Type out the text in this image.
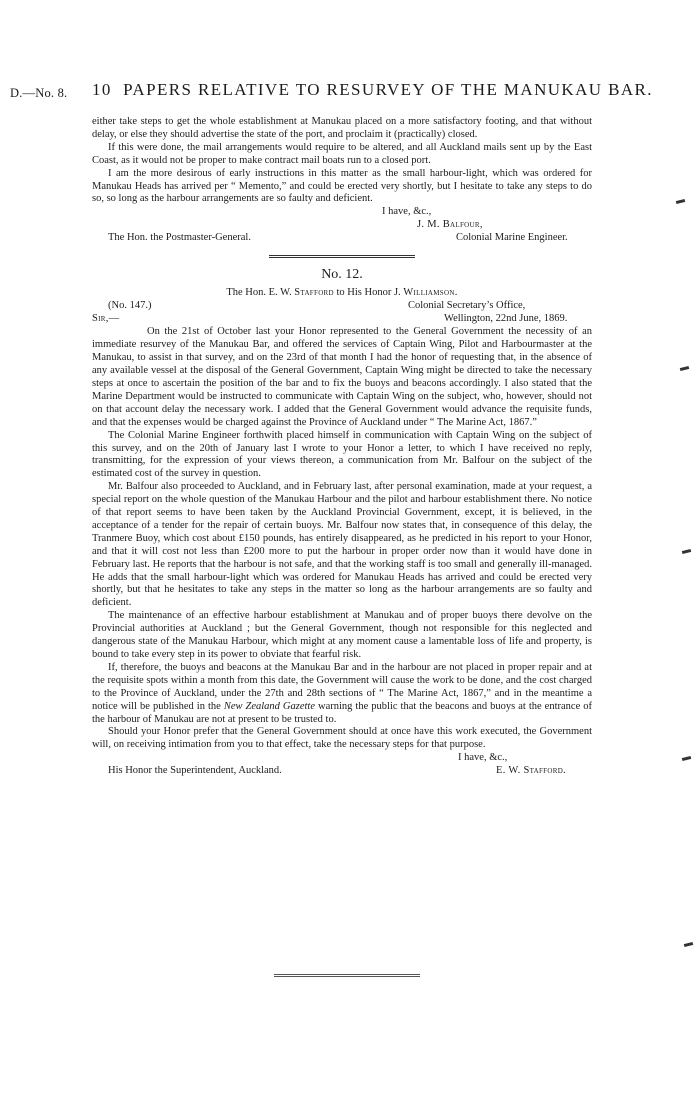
D.—No. 8. 10 PAPERS RELATIVE TO RESURVEY OF THE MANUKAU BAR.

either take steps to get the whole establishment at Manukau placed on a more satisfactory footing, and that without delay, or else they should advertise the state of the port, and proclaim it (practically) closed.

If this were done, the mail arrangements would require to be altered, and all Auckland mails sent up by the East Coast, as it would not be proper to make contract mail boats run to a closed port.

I am the more desirous of early instructions in this matter as the small harbour-light, which was ordered for Manukau Heads has arrived per “ Memento,” and could be erected very shortly, but I hesitate to take any steps to do so, so long as the harbour arrangements are so faulty and deficient.

I have, &c.,
J. M. Balfour,
The Hon. the Postmaster-General.	Colonial Marine Engineer.
No. 12.
The Hon. E. W. Stafford to His Honor J. Williamson.
(No. 147.)	Colonial Secretary’s Office,
Sir,—	Wellington, 22nd June, 1869.

On the 21st of October last your Honor represented to the General Government the necessity of an immediate resurvey of the Manukau Bar, and offered the services of Captain Wing, Pilot and Harbourmaster at the Manukau, to assist in that survey, and on the 23rd of that month I had the honor of requesting that, in the absence of any available vessel at the disposal of the General Government, Captain Wing might be directed to take the necessary steps at once to ascertain the position of the bar and to fix the buoys and beacons accordingly. I also stated that the Marine Department would be instructed to communicate with Captain Wing on the subject, who, however, should not on that account delay the necessary work. I added that the General Government would advance the requisite funds, and that the expenses would be charged against the Province of Auckland under “ The Marine Act, 1867.”

The Colonial Marine Engineer forthwith placed himself in communication with Captain Wing on the subject of this survey, and on the 20th of January last I wrote to your Honor a letter, to which I have received no reply, transmitting, for the expression of your views thereon, a communication from Mr. Balfour on the subject of the estimated cost of the survey in question.

Mr. Balfour also proceeded to Auckland, and in February last, after personal examination, made at your request, a special report on the whole question of the Manukau Harbour and the pilot and harbour establishment there. No notice of that report seems to have been taken by the Auckland Provincial Government, except, it is believed, in the acceptance of a tender for the repair of certain buoys. Mr. Balfour now states that, in consequence of this delay, the Tranmere Buoy, which cost about £150 pounds, has entirely disappeared, as he predicted in his report to your Honor, and that it will cost not less than £200 more to put the harbour in proper order now than it would have done in February last. He reports that the harbour is not safe, and that the working staff is too small and generally ill-managed. He adds that the small harbour-light which was ordered for Manukau Heads has arrived and could be erected very shortly, but that he hesitates to take any steps in the matter so long as the harbour arrangements are so faulty and deficient.

The maintenance of an effective harbour establishment at Manukau and of proper buoys there devolve on the Provincial authorities at Auckland ; but the General Government, though not responsible for this neglected and dangerous state of the Manukau Harbour, which might at any moment cause a lamentable loss of life and property, is bound to take every step in its power to obviate that fearful risk.

If, therefore, the buoys and beacons at the Manukau Bar and in the harbour are not placed in proper repair and at the requisite spots within a month from this date, the Government will cause the work to be done, and the cost charged to the Province of Auckland, under the 27th and 28th sections of “ The Marine Act, 1867,” and in the meantime a notice will be published in the New Zealand Gazette warning the public that the beacons and buoys at the entrance of the harbour of Manukau are not at present to be trusted to.

Should your Honor prefer that the General Government should at once have this work executed, the Government will, on receiving intimation from you to that effect, take the necessary steps for that purpose.

I have, &c.,
His Honor the Superintendent, Auckland.	E. W. Stafford.
